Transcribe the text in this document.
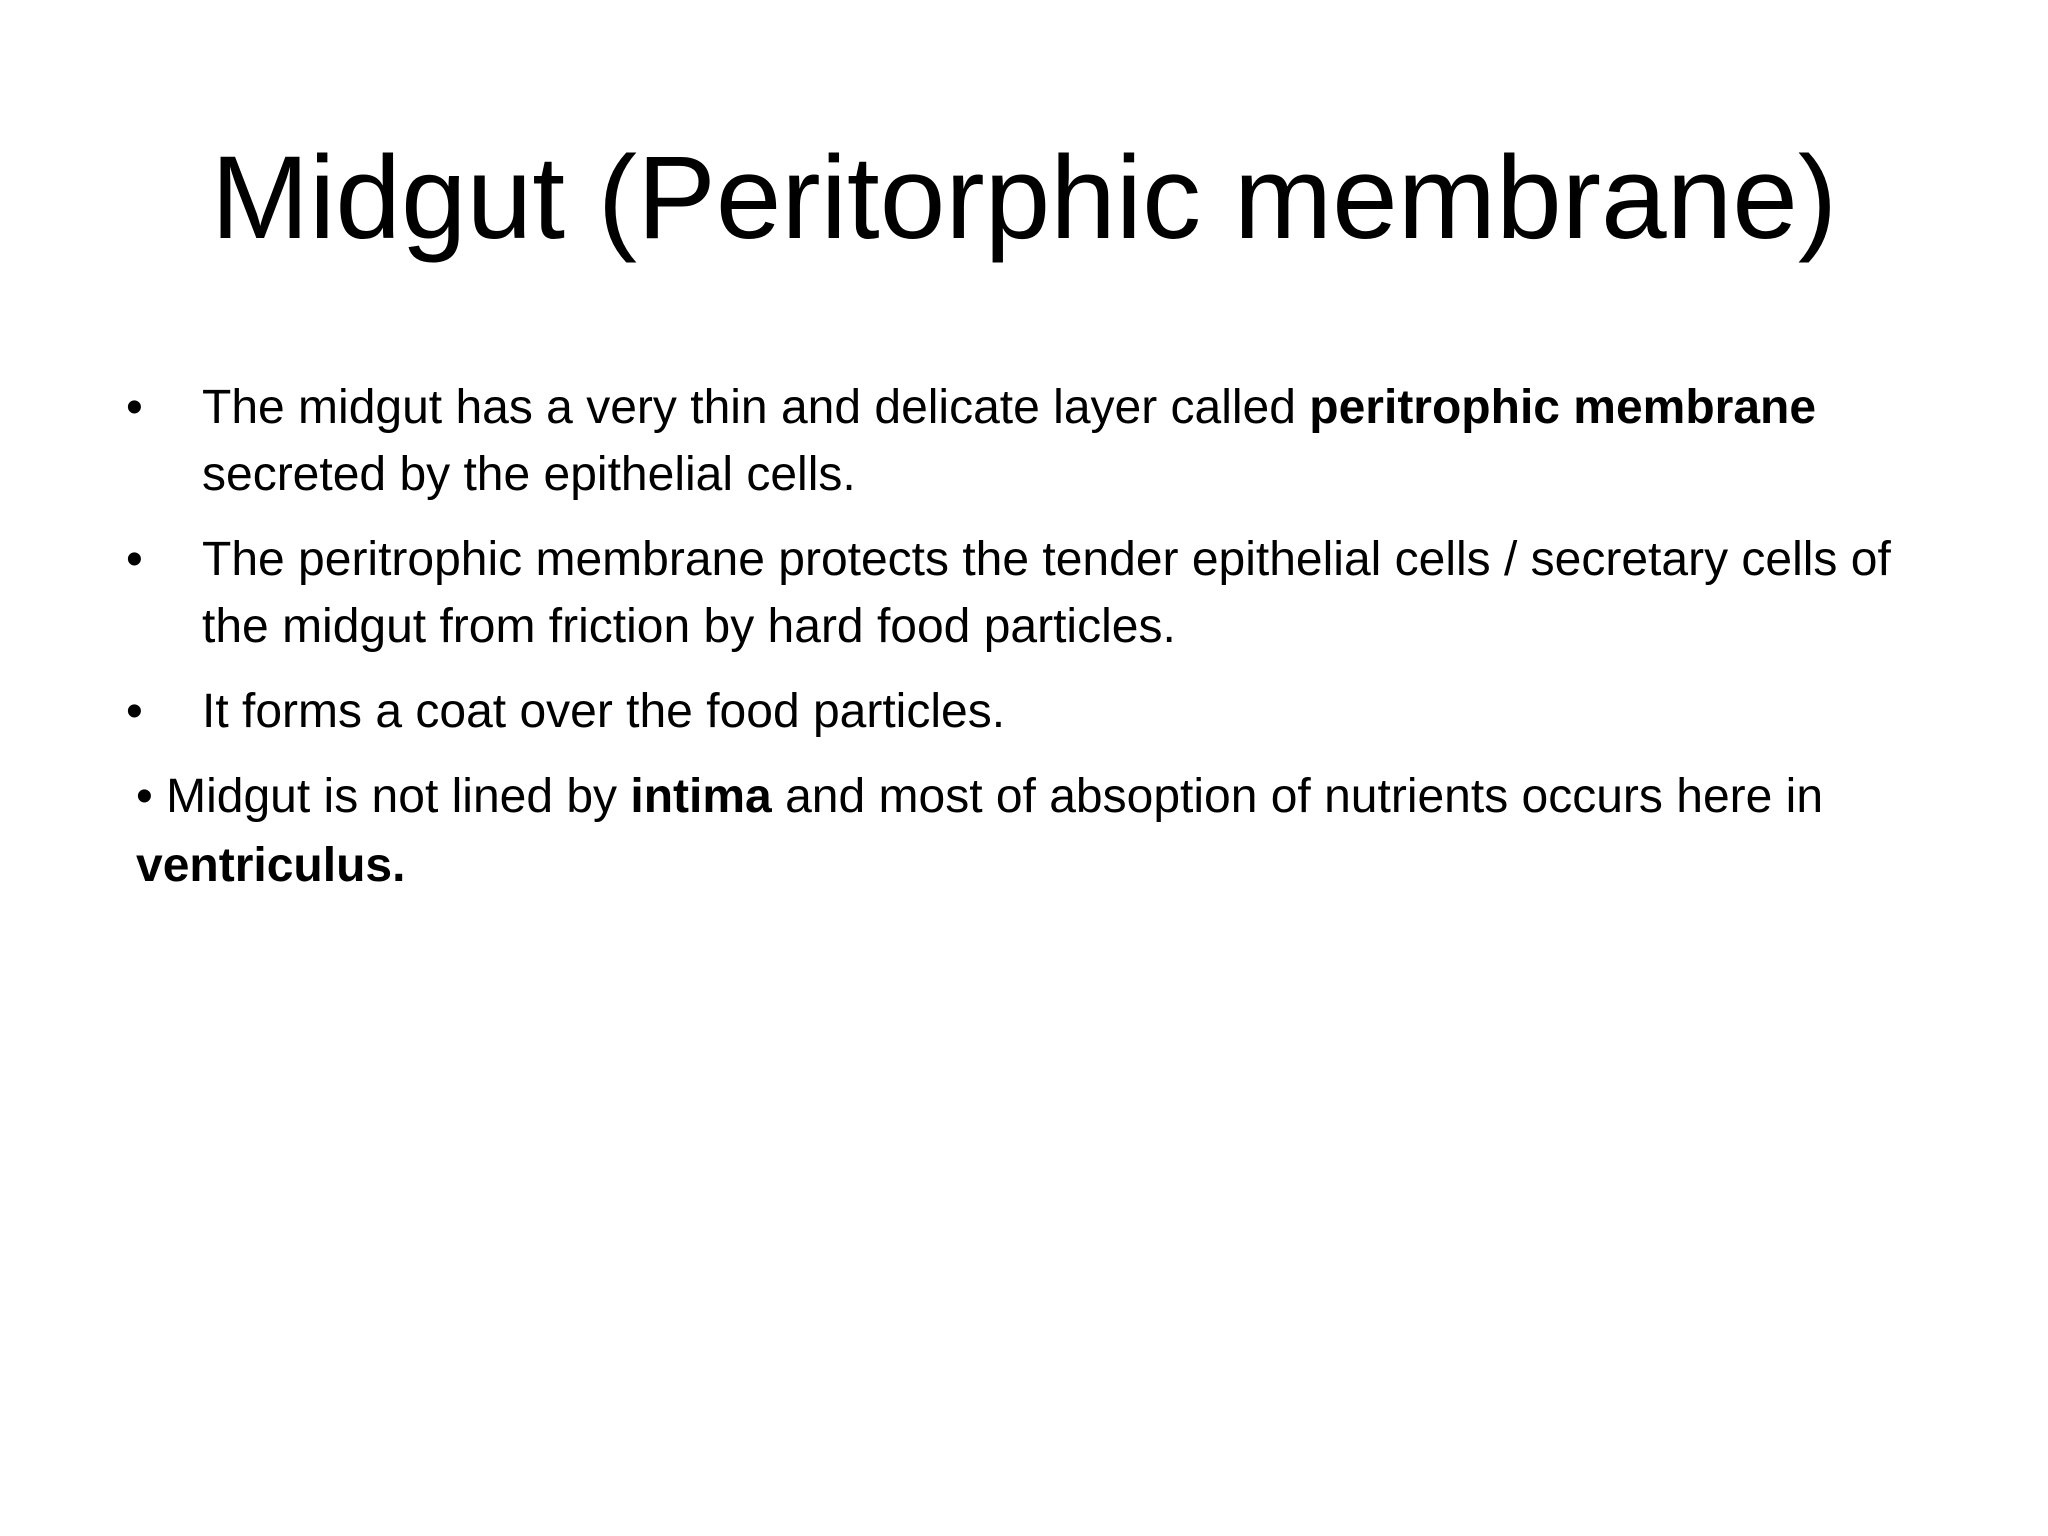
Midgut (Peritorphic membrane)
• The midgut has a very thin and delicate layer called peritrophic membrane secreted by the epithelial cells.
• The peritrophic membrane protects the tender epithelial cells / secretary cells of the midgut from friction by hard food particles.
• It forms a coat over the food particles.

• Midgut is not lined by intima and most of absoption of nutrients occurs here in ventriculus.
